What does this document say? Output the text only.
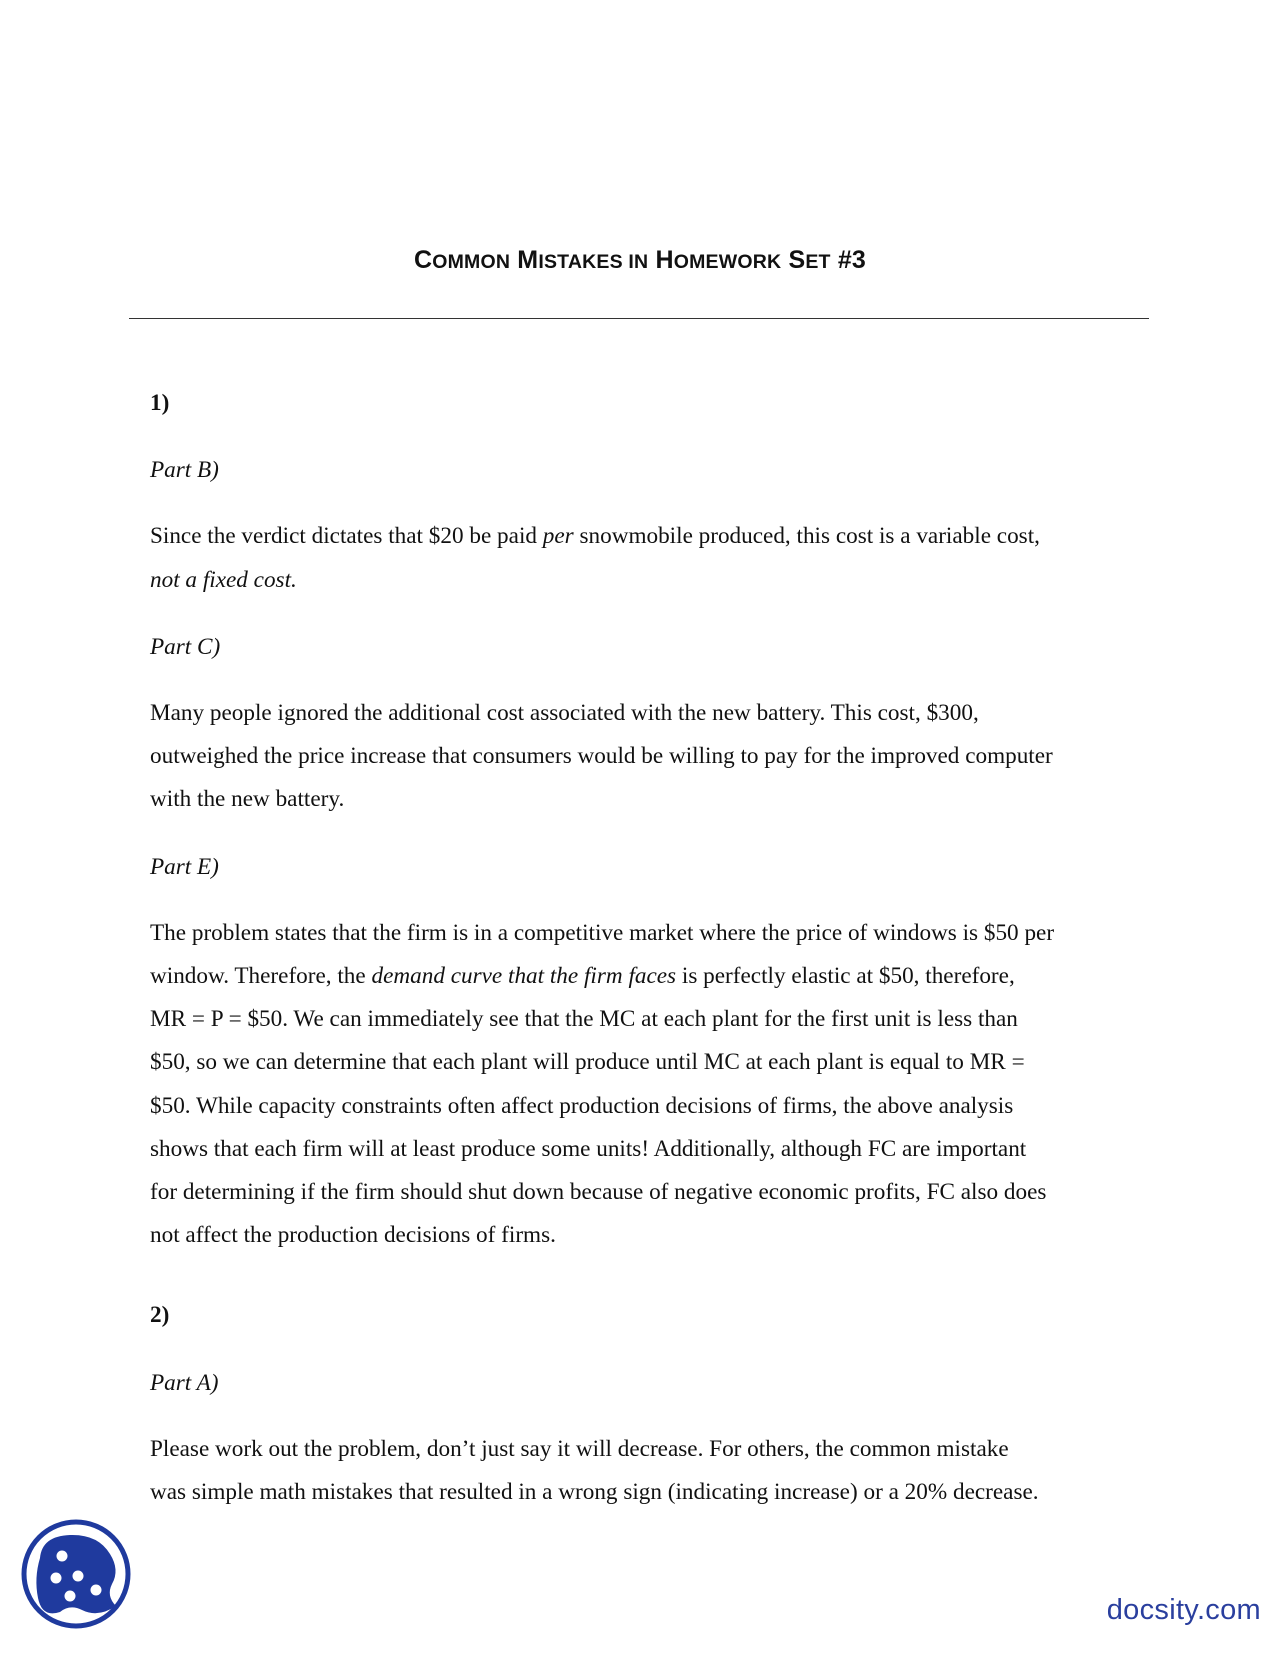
COMMON MISTAKES IN HOMEWORK SET #3

1)

Part B)

Since the verdict dictates that $20 be paid per snowmobile produced, this cost is a variable cost,
not a fixed cost.

Part C)

Many people ignored the additional cost associated with the new battery. This cost, $300,
outweighed the price increase that consumers would be willing to pay for the improved computer
with the new battery.

Part E)

The problem states that the firm is in a competitive market where the price of windows is $50 per
window. Therefore, the demand curve that the firm faces is perfectly elastic at $50, therefore,
MR = P = $50. We can immediately see that the MC at each plant for the first unit is less than
$50, so we can determine that each plant will produce until MC at each plant is equal to MR =
$50. While capacity constraints often affect production decisions of firms, the above analysis
shows that each firm will at least produce some units! Additionally, although FC are important
for determining if the firm should shut down because of negative economic profits, FC also does
not affect the production decisions of firms.

2)

Part A)

Please work out the problem, don’t just say it will decrease. For others, the common mistake
was simple math mistakes that resulted in a wrong sign (indicating increase) or a 20% decrease.

docsity.com
